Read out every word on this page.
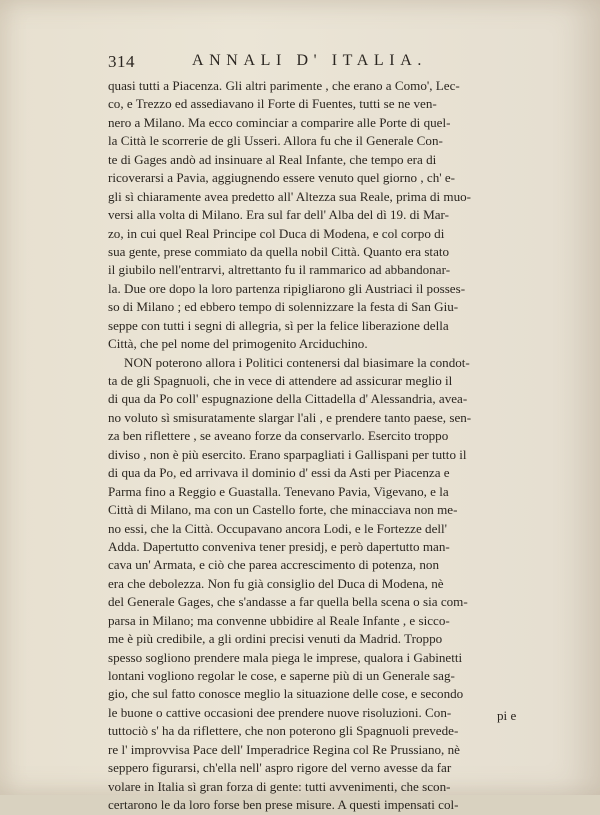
314	ANNALI D' ITALIA.
quasi tutti a Piacenza. Gli altri parimente , che erano a Como', Lec-
co, e Trezzo ed assediavano il Forte di Fuentes, tutti se ne ven-
nero a Milano. Ma ecco cominciar a comparire alle Porte di quel-
la Città le scorrerie de gli Usseri. Allora fu che il Generale Con-
te di Gages andò ad insinuare al Real Infante, che tempo era di
ricoverarsi a Pavia, aggiugnendo essere venuto quel giorno , ch' e-
gli sì chiaramente avea predetto all' Altezza sua Reale, prima di muo-
versi alla volta di Milano. Era sul far dell' Alba del dì 19. di Mar-
zo, in cui quel Real Principe col Duca di Modena, e col corpo di
sua gente, prese commiato da quella nobil Città. Quanto era stato
il giubilo nell'entrarvi, altrettanto fu il rammarico ad abbandonar-
la. Due ore dopo la loro partenza ripigliarono gli Austriaci il posses-
so di Milano ; ed ebbero tempo di solennizzare la festa di San Giu-
seppe con tutti i segni di allegria, sì per la felice liberazione della
Città, che pel nome del primogenito Arciduchino.
NON poterono allora i Politici contenersi dal biasimare la condot-
ta de gli Spagnuoli, che in vece di attendere ad assicurar meglio il
di qua da Po coll' espugnazione della Cittadella d' Alessandria, avea-
no voluto sì smisuratamente slargar l'ali , e prendere tanto paese, sen-
za ben riflettere , se aveano forze da conservarlo. Esercito troppo
diviso , non è più esercito. Erano sparpagliati i Gallispani per tutto il
di qua da Po, ed arrivava il dominio d' essi da Asti per Piacenza e
Parma fino a Reggio e Guastalla. Tenevano Pavia, Vigevano, e la
Città di Milano, ma con un Castello forte, che minacciava non me-
no essi, che la Città. Occupavano ancora Lodi, e le Fortezze dell'
Adda. Dapertutto conveniva tener presidj, e però dapertutto man-
cava un' Armata, e ciò che parea accrescimento di potenza, non
era che debolezza. Non fu già consiglio del Duca di Modena, nè
del Generale Gages, che s'andasse a far quella bella scena o sia com-
parsa in Milano; ma convenne ubbidire al Reale Infante , e sicco-
me è più credibile, a gli ordini precisi venuti da Madrid. Troppo
spesso sogliono prendere mala piega le imprese, qualora i Gabinetti
lontani vogliono regolar le cose, e saperne più di un Generale sag-
gio, che sul fatto conosce meglio la situazione delle cose, e secondo
le buone o cattive occasioni dee prendere nuove risoluzioni. Con-
tuttociò s' ha da riflettere, che non poterono gli Spagnuoli prevede-
re l' improvvisa Pace dell' Imperadrice Regina col Re Prussiano, nè
seppero figurarsi, ch'ella nell' aspro rigore del verno avesse da far
volare in Italia sì gran forza di gente: tutti avvenimenti, che scon-
certarono le da loro forse ben prese misure. A questi impensati col-
pi e
